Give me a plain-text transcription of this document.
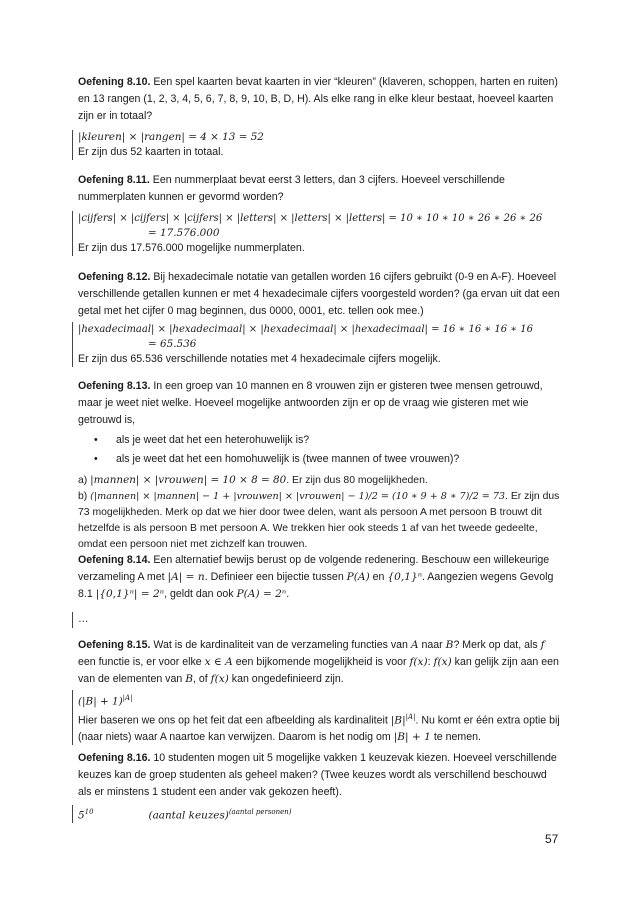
Oefening 8.10. Een spel kaarten bevat kaarten in vier “kleuren” (klaveren, schoppen, harten en ruiten) en 13 rangen (1, 2, 3, 4, 5, 6, 7, 8, 9, 10, B, D, H). Als elke rang in elke kleur bestaat, hoeveel kaarten zijn er in totaal?

|kleuren| × |rangen| = 4 × 13 = 52
Er zijn dus 52 kaarten in totaal.

Oefening 8.11. Een nummerplaat bevat eerst 3 letters, dan 3 cijfers. Hoeveel verschillende nummerplaten kunnen er gevormd worden?

|cijfers| × |cijfers| × |cijfers| × |letters| × |letters| × |letters| = 10 ∗ 10 ∗ 10 ∗ 26 ∗ 26 ∗ 26
= 17.576.000
Er zijn dus 17.576.000 mogelijke nummerplaten.

Oefening 8.12. Bij hexadecimale notatie van getallen worden 16 cijfers gebruikt (0-9 en A-F). Hoeveel verschillende getallen kunnen er met 4 hexadecimale cijfers voorgesteld worden? (ga ervan uit dat een getal met het cijfer 0 mag beginnen, dus 0000, 0001, etc. tellen ook mee.)

|hexadecimaal| × |hexadecimaal| × |hexadecimaal| × |hexadecimaal| = 16 ∗ 16 ∗ 16 ∗ 16
= 65.536
Er zijn dus 65.536 verschillende notaties met 4 hexadecimale cijfers mogelijk.

Oefening 8.13. In een groep van 10 mannen en 8 vrouwen zijn er gisteren twee mensen getrouwd, maar je weet niet welke. Hoeveel mogelijke antwoorden zijn er op de vraag wie gisteren met wie getrouwd is,

• als je weet dat het een heterohuwelijk is?
• als je weet dat het een homohuwelijk is (twee mannen of twee vrouwen)?

a) |mannen| × |vrouwen| = 10 × 8 = 80. Er zijn dus 80 mogelijkheden.

b) (|mannen| × |mannen| − 1 + |vrouwen| × |vrouwen| − 1)/2 = (10 ∗ 9 + 8 ∗ 7)/2 = 73. Er zijn dus 73 mogelijkheden. Merk op dat we hier door twee delen, want als persoon A met persoon B trouwt dit hetzelfde is als persoon B met persoon A. We trekken hier ook steeds 1 af van het tweede gedeelte, omdat een persoon niet met zichzelf kan trouwen.

Oefening 8.14. Een alternatief bewijs berust op de volgende redenering. Beschouw een willekeurige verzameling A met |A| = n. Definieer een bijectie tussen P(A) en {0,1}ⁿ. Aangezien wegens Gevolg 8.1 |{0,1}ⁿ| = 2ⁿ, geldt dan ook P(A) = 2ⁿ.

…

Oefening 8.15. Wat is de kardinaliteit van de verzameling functies van A naar B? Merk op dat, als f een functie is, er voor elke x ∈ A een bijkomende mogelijkheid is voor f(x): f(x) kan gelijk zijn aan een van de elementen van B, of f(x) kan ongedefinieerd zijn.

$(|B| + 1)^{|A|}$
Hier baseren we ons op het feit dat een afbeelding als kardinaliteit $|B|^{|A|}$. Nu komt er één extra optie bij (naar niets) waar A naartoe kan verwijzen. Daarom is het nodig om |B| + 1 te nemen.

Oefening 8.16. 10 studenten mogen uit 5 mogelijke vakken 1 keuzevak kiezen. Hoeveel verschillende keuzes kan de groep studenten als geheel maken? (Twee keuzes wordt als verschillend beschouwd als er minstens 1 student een ander vak gekozen heeft).

$5^{10}$	(aantal keuzes)$^{(aantal personen)}$
57
